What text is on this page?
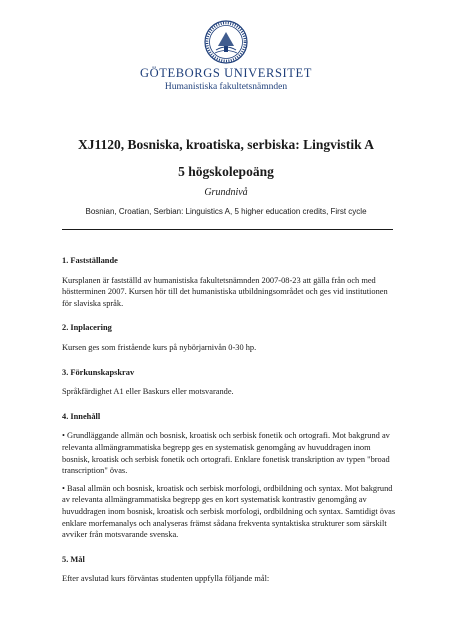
GÖTEBORGS UNIVERSITET
Humanistiska fakultetsnämnden
XJ1120, Bosniska, kroatiska, serbiska: Lingvistik A
5 högskolepoäng
Grundnivå
Bosnian, Croatian, Serbian: Linguistics A, 5 higher education credits, First cycle
1. Fastställande
Kursplanen är fastställd av humanistiska fakultetsnämnden 2007-08-23 att gälla från och med höstterminen 2007. Kursen hör till det humanistiska utbildningsområdet och ges vid institutionen för slaviska språk.
2. Inplacering
Kursen ges som fristående kurs på nybörjarnivån 0-30 hp.
3. Förkunskapskrav
Språkfärdighet A1 eller Baskurs eller motsvarande.
4. Innehåll
• Grundläggande allmän och bosnisk, kroatisk och serbisk fonetik och ortografi. Mot bakgrund av relevanta allmängrammatiska begrepp ges en systematisk genomgång av huvuddragen inom bosnisk, kroatisk och serbisk fonetik och ortografi. Enklare fonetisk transkription av typen "broad transcription" övas.
• Basal allmän och bosnisk, kroatisk och serbisk morfologi, ordbildning och syntax. Mot bakgrund av relevanta allmängrammatiska begrepp ges en kort systematisk kontrastiv genomgång av huvuddragen inom bosnisk, kroatisk och serbisk morfologi, ordbildning och syntax. Samtidigt övas enklare morfemanalys och analyseras främst sådana frekventa syntaktiska strukturer som särskilt avviker från motsvarande svenska.
5. Mål
Efter avslutad kurs förväntas studenten uppfylla följande mål:
